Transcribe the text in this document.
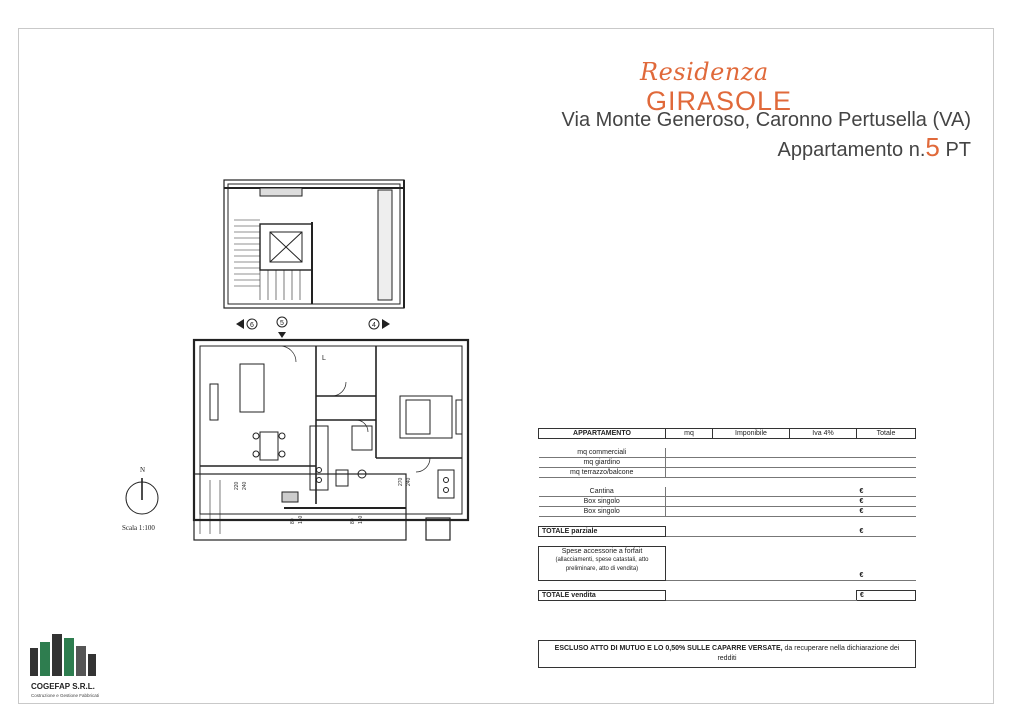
Residenza GIRASOLE
Via Monte Generoso, Caronno Pertusella (VA)
Appartamento n.5 PT
6	5	4
L
220 240
80 140	80 140
270 240
N
Scala 1:100
APPARTAMENTO	mq	Imponibile	Iva 4%	Totale

mq commerciali				
mq giardino				
mq terrazzo/balcone				

Cantina				€
Box singolo				€
Box singolo				€

TOTALE parziale				€

Spese accessorie a forfait
(allacciamenti, spese catastali, atto preliminare, atto di vendita)				€

TOTALE vendita				€
ESCLUSO ATTO DI MUTUO E LO 0,50% SULLE CAPARRE VERSATE, da recuperare nella dichiarazione dei redditi
COGEFAP S.R.L.
Costruzione e Gestione Fabbricati
